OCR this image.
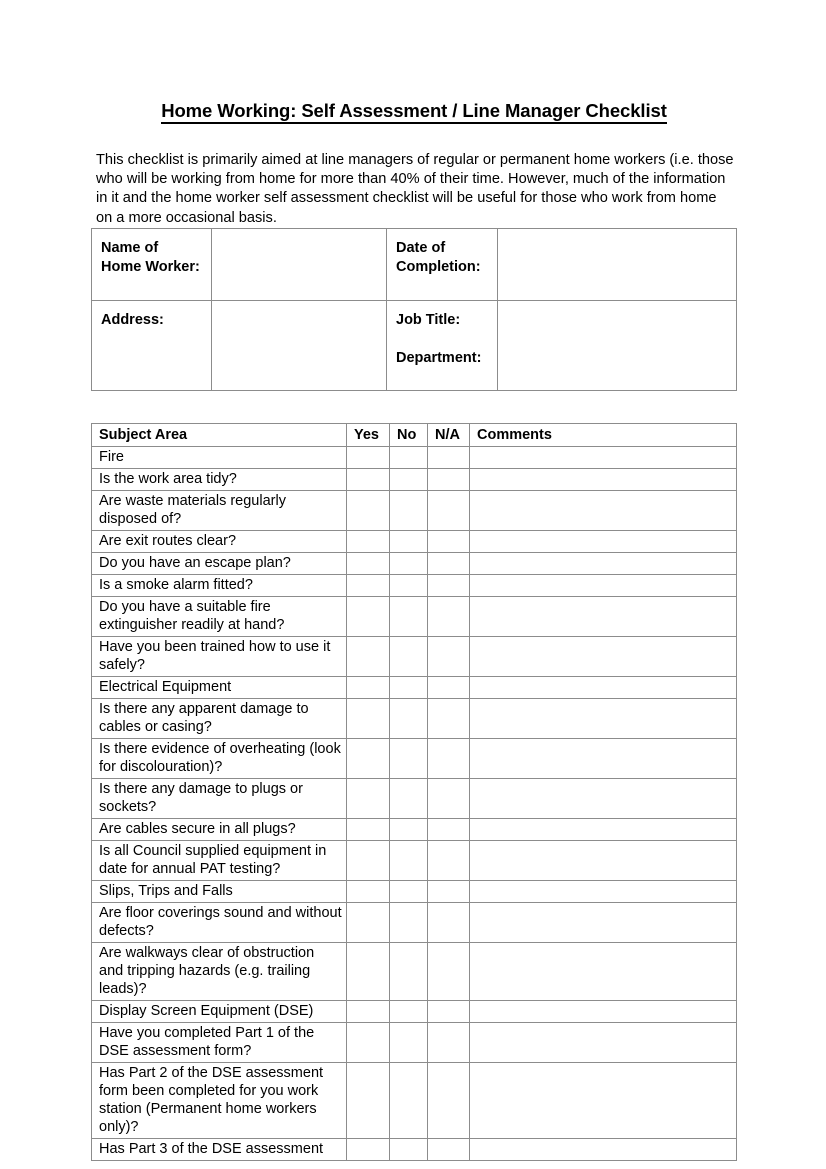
Home Working: Self Assessment / Line Manager Checklist

This checklist is primarily aimed at line managers of regular or permanent home workers (i.e. those who will be working from home for more than 40% of their time. However, much of the information in it and the home worker self assessment checklist will be useful for those who work from home on a more occasional basis.

Name of
Home Worker:		Date of
Completion:	
Address:		Job Title:
Department:	
Subject Area	Yes	No	N/A	Comments
Fire				
Is the work area tidy?				
Are waste materials regularly disposed of?				
Are exit routes clear?				
Do you have an escape plan?				
Is a smoke alarm fitted?				
Do you have a suitable fire extinguisher readily at hand?				
Have you been trained how to use it safely?				
Electrical Equipment				
Is there any apparent damage to cables or casing?				
Is there evidence of overheating (look for discolouration)?				
Is there any damage to plugs or sockets?				
Are cables secure in all plugs?				
Is all Council supplied equipment in date for annual PAT testing?				
Slips, Trips and Falls				
Are floor coverings sound and without defects?				
Are walkways clear of obstruction and tripping hazards (e.g. trailing leads)?				
Display Screen Equipment (DSE)				
Have you completed Part 1 of the DSE assessment form?				
Has Part 2 of the DSE assessment form been completed for you work station (Permanent home workers only)?				
Has Part 3 of the DSE assessment				
